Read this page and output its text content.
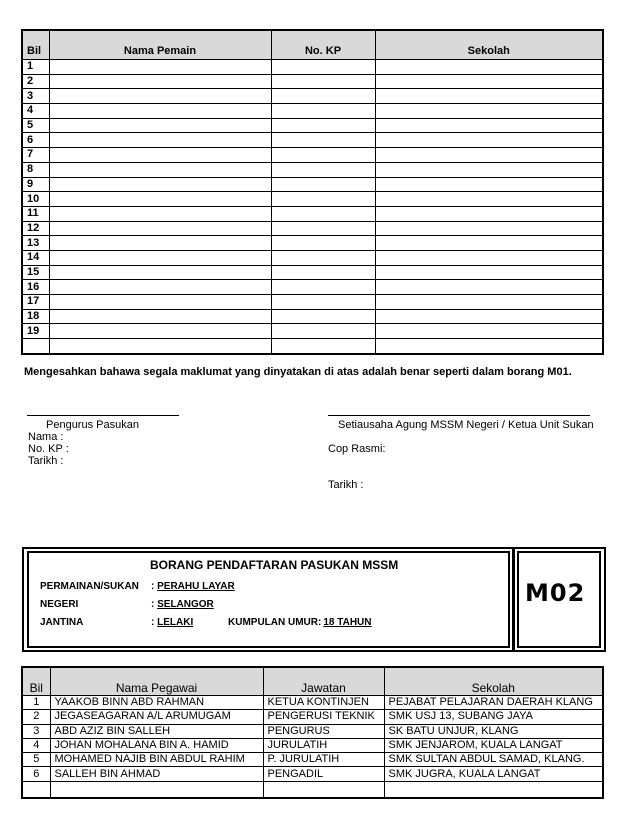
Bil	Nama Pemain	No. KP	Sekolah
1			
2			
3			
4			
5			
6			
7			
8			
9			
10			
11			
12			
13			
14			
15			
16			
17			
18			
19			

Mengesahkan bahawa segala maklumat yang dinyatakan di atas adalah benar seperti dalam borang M01.
Pengurus Pasukan
Nama :
No. KP :
Tarikh :
Setiausaha Agung MSSM Negeri / Ketua Unit Sukan
Cop Rasmi:
Tarikh :
BORANG PENDAFTARAN PASUKAN MSSM
M02
PERMAINAN/SUKAN : PERAHU LAYAR
NEGERI	: SELANGOR
JANTINA	: LELAKI	KUMPULAN UMUR: 18 TAHUN
Bil	Nama Pegawai	Jawatan	Sekolah
1	YAAKOB BINN ABD RAHMAN	KETUA KONTINJEN	PEJABAT PELAJARAN DAERAH KLANG
2	JEGASEAGARAN A/L ARUMUGAM	PENGERUSI TEKNIK	SMK USJ 13, SUBANG JAYA
3	ABD AZIZ BIN SALLEH	PENGURUS	SK BATU UNJUR, KLANG
4	JOHAN MOHALANA BIN A. HAMID	JURULATIH	SMK JENJAROM, KUALA LANGAT
5	MOHAMED NAJIB BIN ABDUL RAHIM	P. JURULATIH	SMK SULTAN ABDUL SAMAD, KLANG.
6	SALLEH BIN AHMAD	PENGADIL	SMK JUGRA, KUALA LANGAT
